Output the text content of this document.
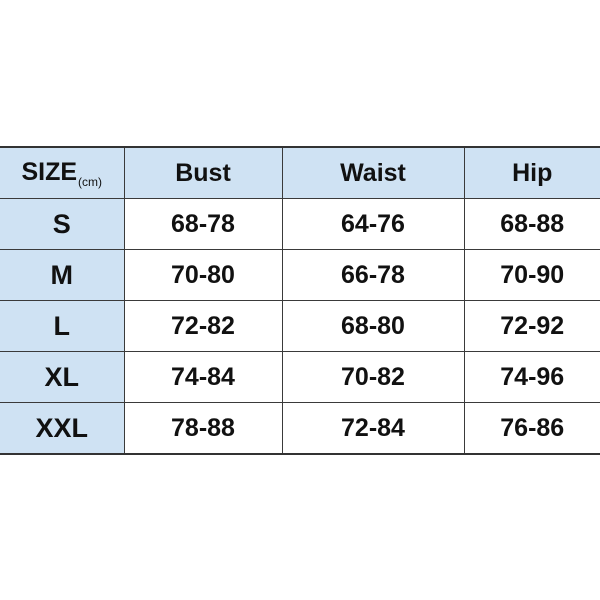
$SIZE_{(cm)}$	Bust	Waist	Hip
S	68-78	64-76	68-88
M	70-80	66-78	70-90
L	72-82	68-80	72-92
XL	74-84	70-82	74-96
XXL	78-88	72-84	76-86
